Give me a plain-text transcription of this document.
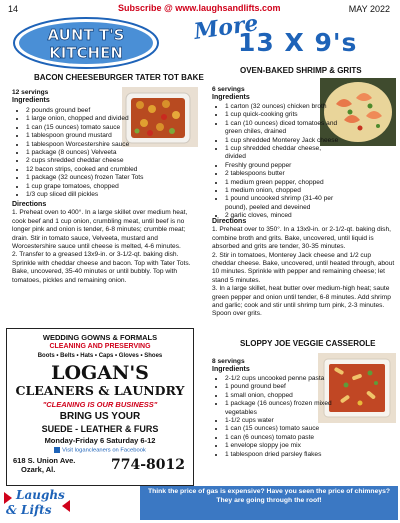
14	Subscribe @ www.laughsandlifts.com	MAY 2022
AUNT T'S
KITCHEN
More
13 X 9's
BACON CHEESEBURGER TATER TOT BAKE

12 servings

Ingredients

• 2 pounds ground beef
• 1 large onion, chopped and divided
• 1 can (15 ounces) tomato sauce
• 1 tablespoon ground mustard
• 1 tablespoon Worcestershire sauce
• 1 package (8 ounces) Velveeta
• 2 cups shredded cheddar cheese
• 12 bacon strips, cooked and crumbled
• 1 package (32 ounces) frozen Tater Tots
• 1 cup grape tomatoes, chopped
• 1/3 cup sliced dill pickles

Directions

1. Preheat oven to 400°. In a large skillet over medium heat, cook beef and 1 cup onion, crumbling meat, until beef is no longer pink and onion is tender, 6-8 minutes; crumble meat; drain. Stir in tomato sauce, Velveeta, mustard and Worcestershire sauce until cheese is melted, 4-6 minutes.

2. Transfer to a greased 13x9-in. or 3-1/2-qt. baking dish. Sprinkle with cheddar cheese and bacon. Top with Tater Tots. Bake, uncovered, 35-40 minutes or until bubbly. Top with tomatoes, pickles and remaining onion.

OVEN-BAKED SHRIMP & GRITS

6 servings

Ingredients

• 1 carton (32 ounces) chicken broth
• 1 cup quick-cooking grits
• 1 can (10 ounces) diced tomatoes and green chiles, drained
• 1 cup shredded Monterey Jack cheese
• 1 cup shredded cheddar cheese, divided
• Freshly ground pepper
• 2 tablespoons butter
• 1 medium green pepper, chopped
• 1 medium onion, chopped
• 1 pound uncooked shrimp (31-40 per pound), peeled and deveined
• 2 garlic cloves, minced

Directions

1. Preheat over to 350°. In a 13x9-in. or 2-1/2-qt. baking dish, combine broth and grits. Bake, uncovered, until liquid is absorbed and grits are tender, 30-35 minutes.

2. Stir in tomatoes, Monterey Jack cheese and 1/2 cup cheddar cheese. Bake, uncovered, until heated through, about 10 minutes. Sprinkle with pepper and remaining cheese; let stand 5 minutes.

3. In a large skillet, heat butter over medium-high heat; saute green pepper and onion until tender, 6-8 minutes. Add shrimp and garlic; cook and stir until shrimp turn pink, 2-3 minutes. Spoon over grits.

SLOPPY JOE VEGGIE CASSEROLE

8 servings

Ingredients

• 2-1/2 cups uncooked penne pasta
• 1 pound ground beef
• 1 small onion, chopped
• 1 package (16 ounces) frozen mixed vegetables
• 1-1/2 cups water
• 1 can (15 ounces) tomato sauce
• 1 can (6 ounces) tomato paste
• 1 envelope sloppy joe mix
• 1 tablespoon dried parsley flakes
WEDDING GOWNS & FORMALS
CLEANING AND PRESERVING
Boots • Belts • Hats • Caps • Gloves • Shoes
LOGAN'S
CLEANERS & LAUNDRY
"CLEANING IS OUR BUSINESS"
BRING US YOUR
SUEDE - LEATHER & FURS
Monday-Friday 6 Saturday 6-12
Visit logancleaners on Facebook
618 S. Union Ave.
Ozark, Al.	774-8012
Laughs
& Lifts
Think the price of gas is expensive? Have you seen the price of chimneys? They are going through the roof!
